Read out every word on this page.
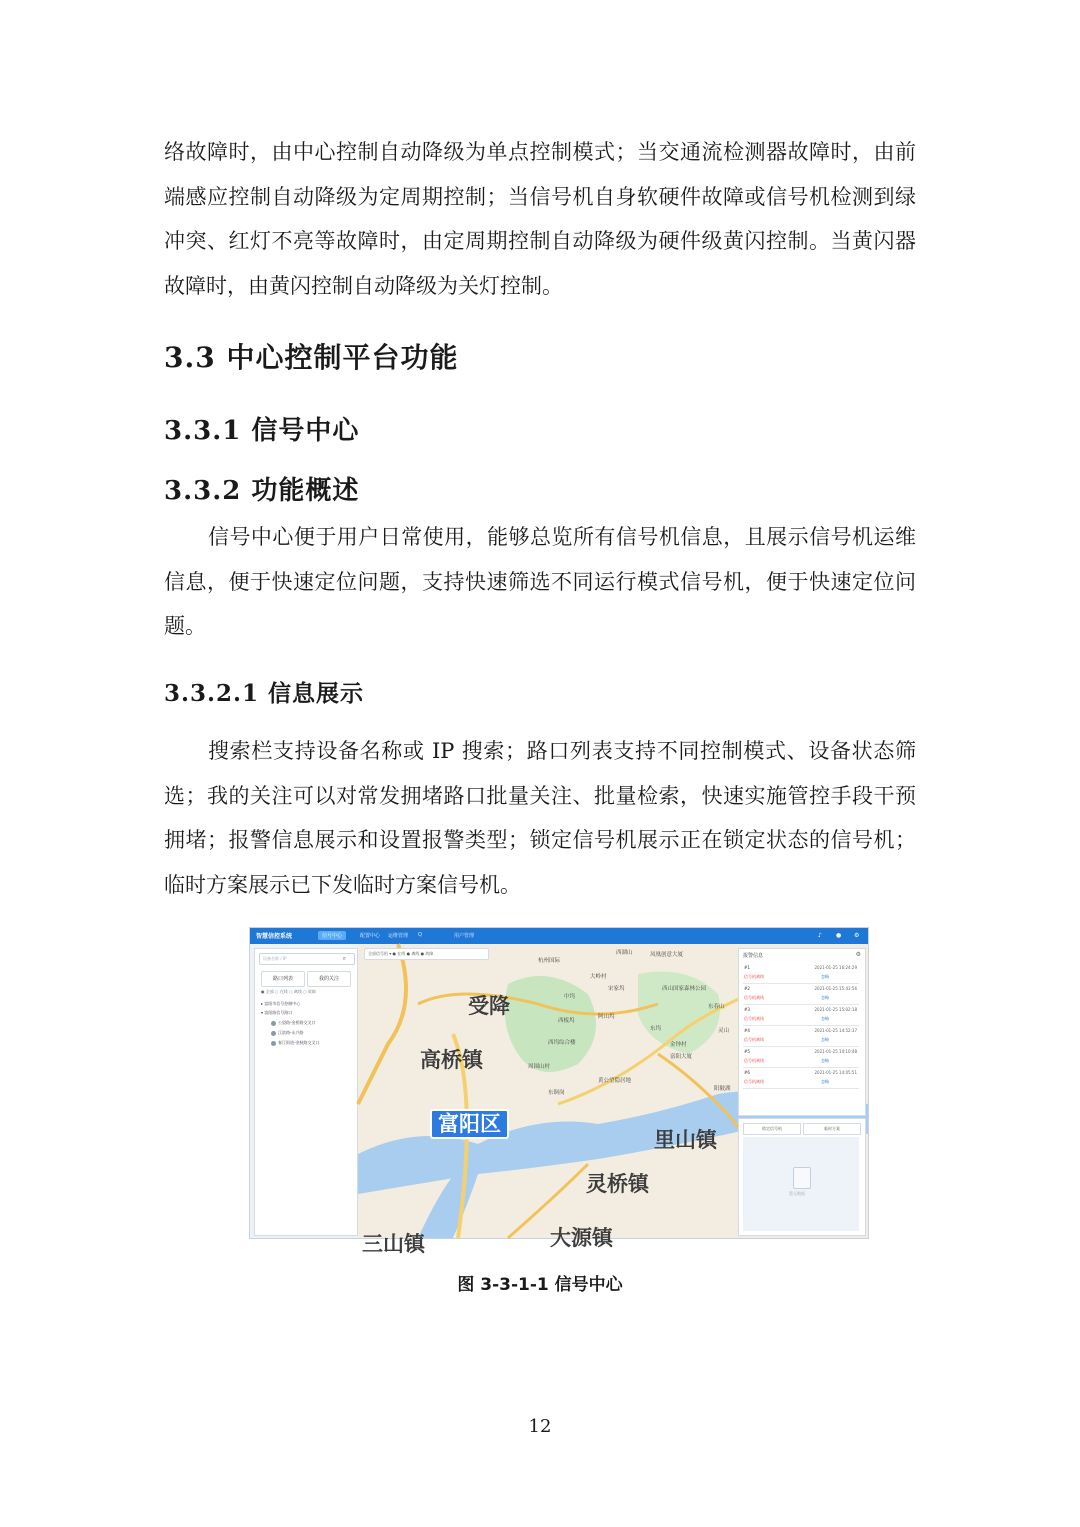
络故障时，由中心控制自动降级为单点控制模式；当交通流检测器故障时，由前端感应控制自动降级为定周期控制；当信号机自身软硬件故障或信号机检测到绿冲突、红灯不亮等故障时，由定周期控制自动降级为硬件级黄闪控制。当黄闪器故障时，由黄闪控制自动降级为关灯控制。

3.3 中心控制平台功能
3.3.1 信号中心
3.3.2 功能概述

信号中心便于用户日常使用，能够总览所有信号机信息，且展示信号机运维信息，便于快速定位问题，支持快速筛选不同运行模式信号机，便于快速定位问题。

3.3.2.1 信息展示

搜索栏支持设备名称或 IP 搜索；路口列表支持不同控制模式、设备状态筛选；我的关注可以对常发拥堵路口批量关注、批量检索，快速实施管控手段干预拥堵；报警信息展示和设置报警类型；锁定信号机展示正在锁定状态的信号机；临时方案展示已下发临时方案信号机。

智慧信控系统	信号中心	配置中心	运维管理	Q	用户管理	♪ ● ⚙
设备名称 / IP	⌕
路口列表	我的关注
● 全部 ○ 在线 ○ 离线 ○ 故障
▸ 富阳市信号控制中心
▾ 富阳路信号路口
公望路-金桥路交叉口
江滨路-永兴路
春江街道-金秋路交叉口
全部信号机 ▾ ● 在线 ● 离线 ● 故障
受降
高桥镇
富阳区
里山镇
灵桥镇
大源镇
三山镇
西湖山	凤凰创意大厦
杭州国际
西山国家森林公园
宋家坞
中坞
大岭村
西板坞
东坞
阿山坞
东春山
西坞综合楼
黄公望隐居地
富阳大厦
灵山
金钟村
周围山村
东铜岗
阳陂湖
报警信息	⚙
#1	2021-01-25 16:24:29
信号机离线	忽略
#2	2021-01-25 15:43:56
信号机离线	忽略
#3	2021-01-25 15:02:18
信号机离线	忽略
#4	2021-01-25 14:52:37
信号机离线	忽略
#5	2021-01-25 14:10:48
信号机离线	忽略
#6	2021-01-25 14:05:51
信号机离线	忽略
锁定信号机	临时方案
暂无数据
图 3-3-1-1 信号中心
12
